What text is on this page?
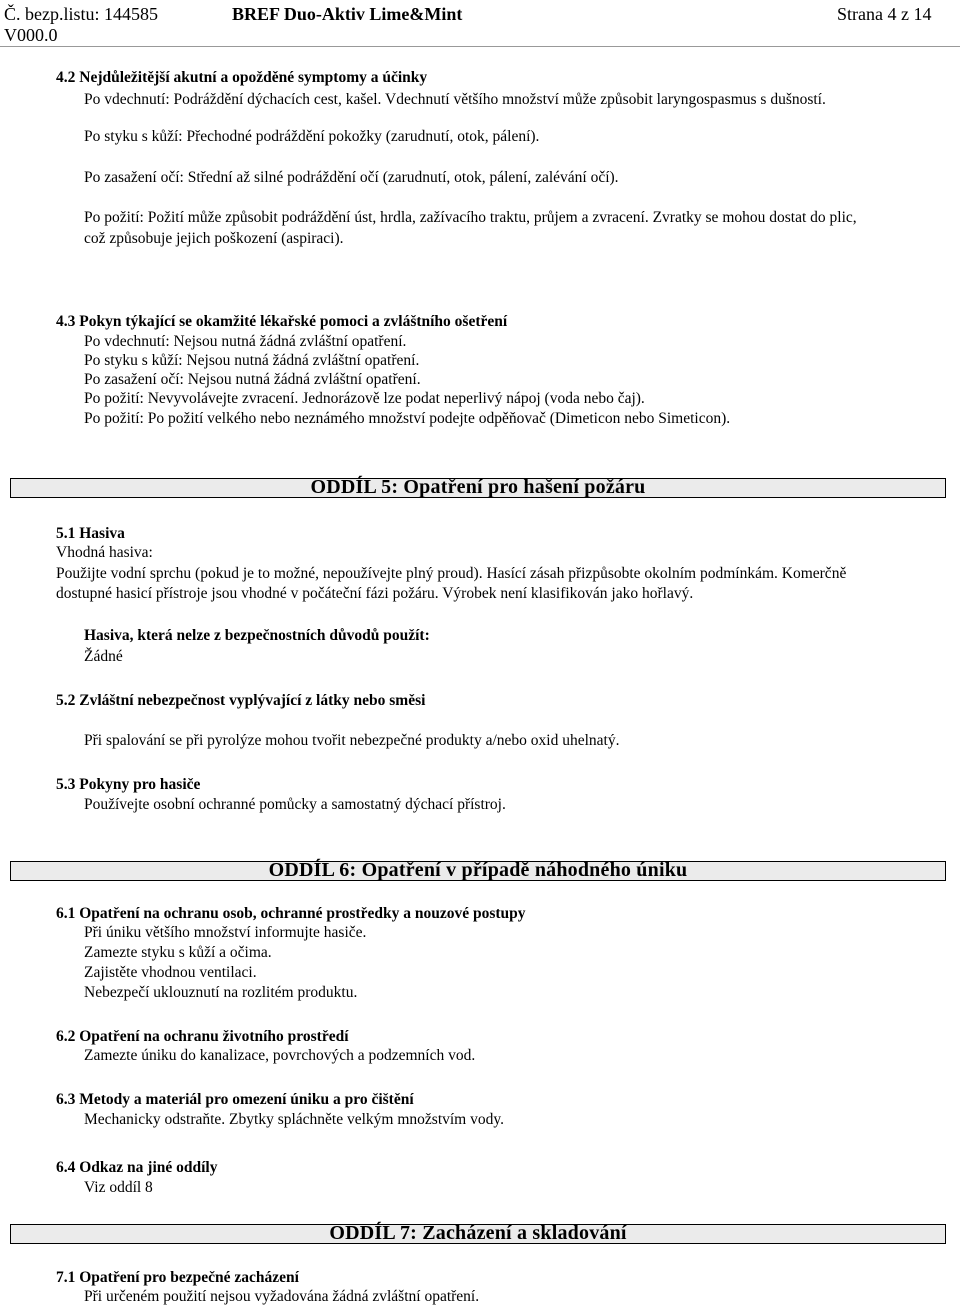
Č. bezp.listu: 144585
V000.0
BREF Duo-Aktiv Lime&Mint	Strana 4 z 14
4.2 Nejdůležitější akutní a opožděné symptomy a účinky
Po vdechnutí: Podráždění dýchacích cest, kašel. Vdechnutí většího množství může způsobit laryngospasmus s dušností.
Po styku s kůží: Přechodné podráždění pokožky (zarudnutí, otok, pálení).
Po zasažení očí: Střední až silné podráždění očí (zarudnutí, otok, pálení, zalévání očí).
Po požití: Požití může způsobit podráždění úst, hrdla, zažívacího traktu, průjem a zvracení. Zvratky se mohou dostat do plic,
což způsobuje jejich poškození (aspiraci).
4.3 Pokyn týkající se okamžité lékařské pomoci a zvláštního ošetření
Po vdechnutí: Nejsou nutná žádná zvláštní opatření.
Po styku s kůží: Nejsou nutná žádná zvláštní opatření.
Po zasažení očí: Nejsou nutná žádná zvláštní opatření.
Po požití: Nevyvolávejte zvracení. Jednorázově lze podat neperlivý nápoj (voda nebo čaj).
Po požití: Po požití velkého nebo neznámého množství podejte odpěňovač (Dimeticon nebo Simeticon).
ODDÍL 5: Opatření pro hašení požáru
5.1 Hasiva
Vhodná hasiva:
Použijte vodní sprchu (pokud je to možné, nepoužívejte plný proud). Hasící zásah přizpůsobte okolním podmínkám. Komerčně
dostupné hasicí přístroje jsou vhodné v počáteční fázi požáru. Výrobek není klasifikován jako hořlavý.
Hasiva, která nelze z bezpečnostních důvodů použít:
Žádné
5.2 Zvláštní nebezpečnost vyplývající z látky nebo směsi
Při spalování se při pyrolýze mohou tvořit nebezpečné produkty a/nebo oxid uhelnatý.
5.3 Pokyny pro hasiče
Používejte osobní ochranné pomůcky a samostatný dýchací přístroj.
ODDÍL 6: Opatření v případě náhodného úniku
6.1 Opatření na ochranu osob, ochranné prostředky a nouzové postupy
Při úniku většího množství informujte hasiče.
Zamezte styku s kůží a očima.
Zajistěte vhodnou ventilaci.
Nebezpečí uklouznutí na rozlitém produktu.
6.2 Opatření na ochranu životního prostředí
Zamezte úniku do kanalizace, povrchových a podzemních vod.
6.3 Metody a materiál pro omezení úniku a pro čištění
Mechanicky odstraňte. Zbytky spláchněte velkým množstvím vody.
6.4 Odkaz na jiné oddíly
Viz oddíl 8
ODDÍL 7: Zacházení a skladování
7.1 Opatření pro bezpečné zacházení
Při určeném použití nejsou vyžadována žádná zvláštní opatření.
